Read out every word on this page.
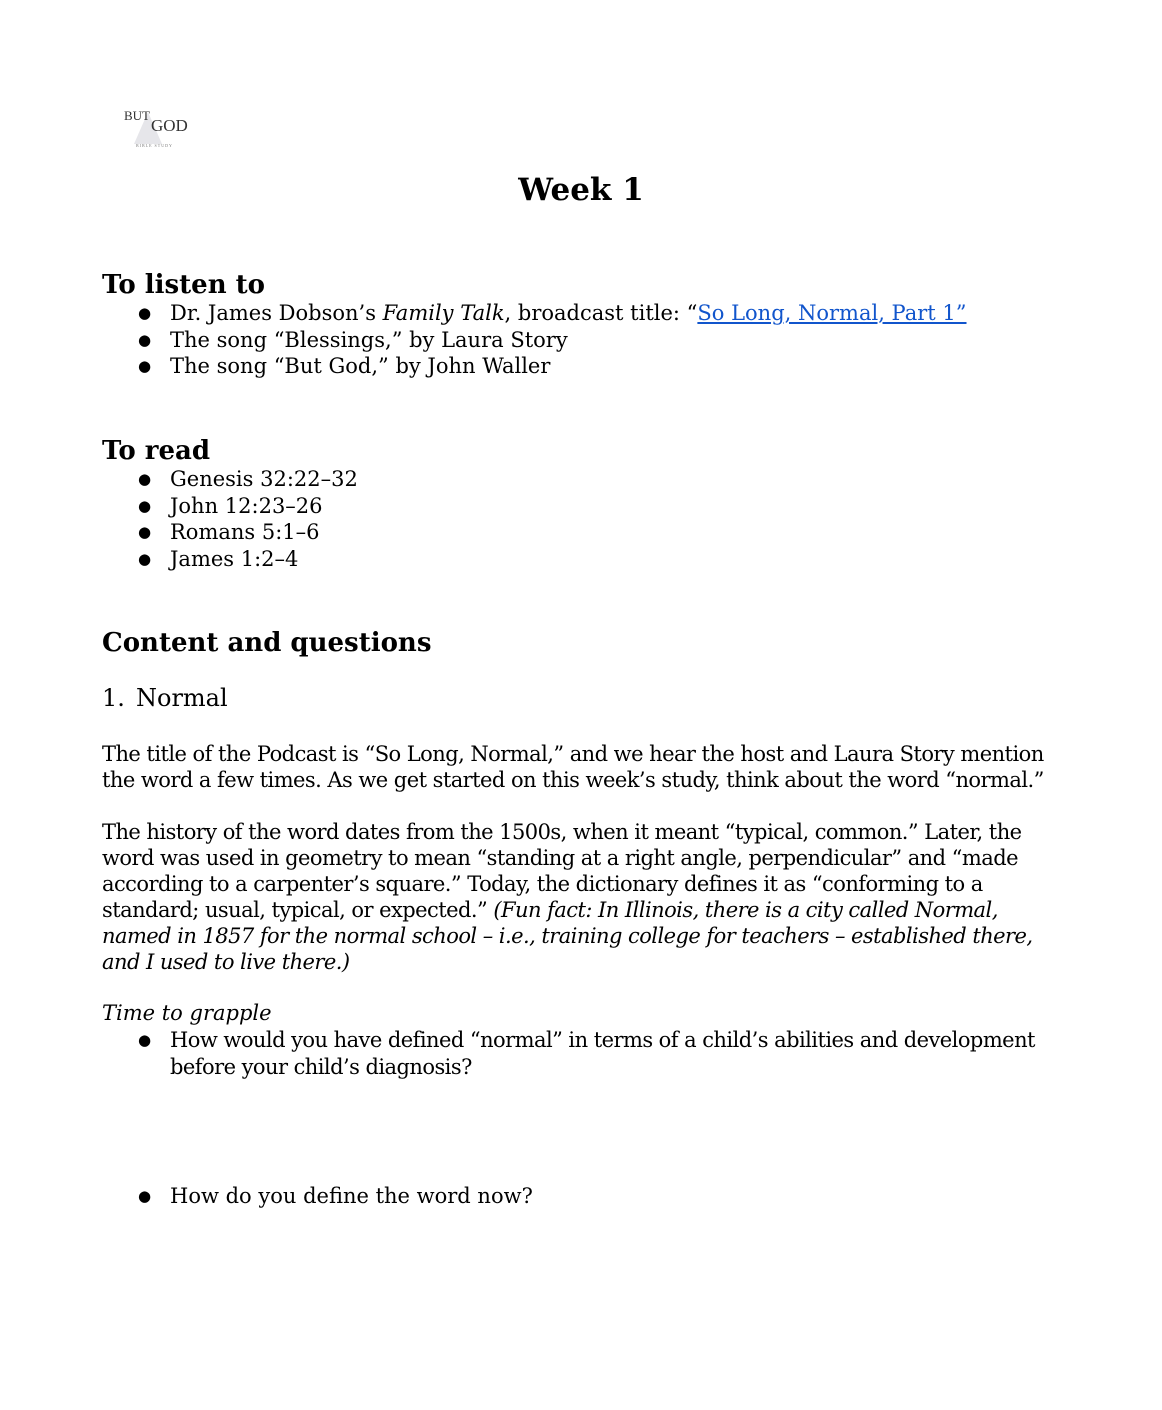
BUT
GOD
BIBLE STUDY
Week 1
To listen to
● Dr. James Dobson’s Family Talk, broadcast title: “So Long, Normal, Part 1”
● The song “Blessings,” by Laura Story
● The song “But God,” by John Waller
To read
● Genesis 32:22–32
● John 12:23–26
● Romans 5:1–6
● James 1:2–4
Content and questions
1. Normal

The title of the Podcast is “So Long, Normal,” and we hear the host and Laura Story mention the word a few times. As we get started on this week’s study, think about the word “normal.”

The history of the word dates from the 1500s, when it meant “typical, common.” Later, the word was used in geometry to mean “standing at a right angle, perpendicular” and “made according to a carpenter’s square.” Today, the dictionary defines it as “conforming to a standard; usual, typical, or expected.” (Fun fact: In Illinois, there is a city called Normal, named in 1857 for the normal school – i.e., training college for teachers – established there, and I used to live there.)

Time to grapple

● How would you have defined “normal” in terms of a child’s abilities and development before your child’s diagnosis?
● How do you define the word now?
